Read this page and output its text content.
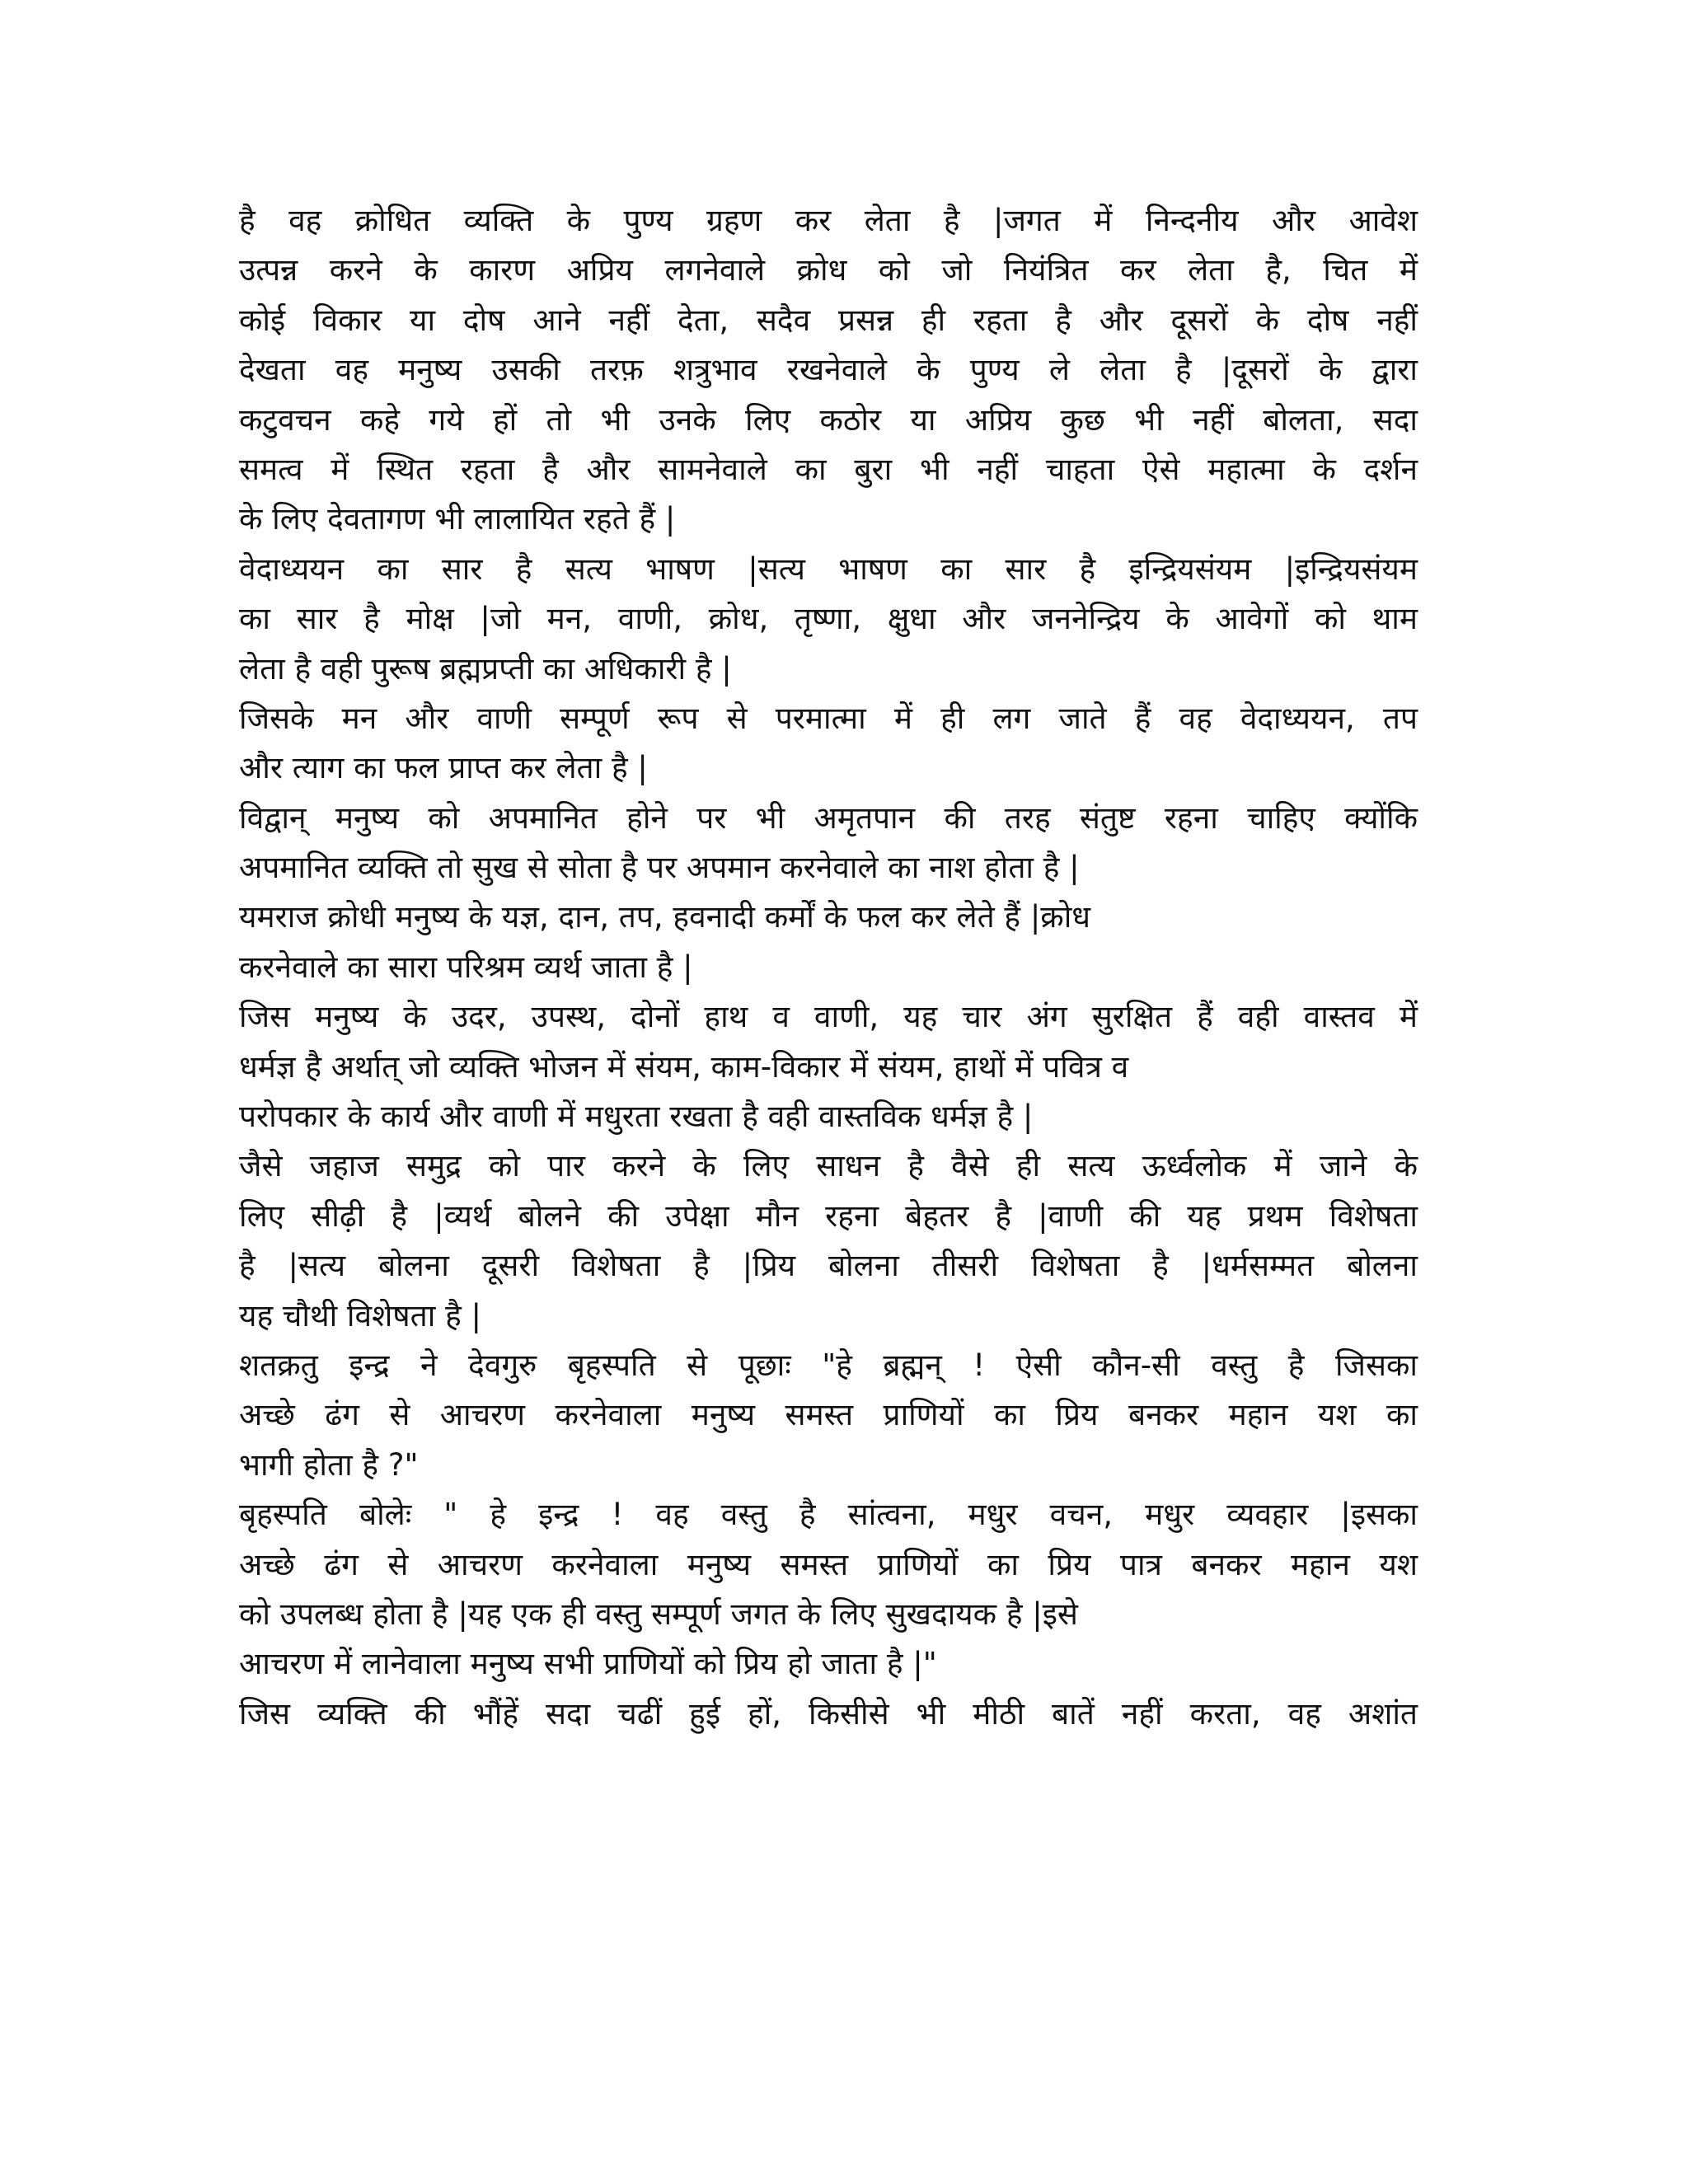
है वह क्रोधित व्यक्ति के पुण्य ग्रहण कर लेता है |जगत में निन्दनीय और आवेश
उत्पन्न करने के कारण अप्रिय लगनेवाले क्रोध को जो नियंत्रित कर लेता है, चित में
कोई विकार या दोष आने नहीं देता, सदैव प्रसन्न ही रहता है और दूसरों के दोष नहीं
देखता वह मनुष्य उसकी तरफ़ शत्रुभाव रखनेवाले के पुण्य ले लेता है |दूसरों के द्वारा
कटुवचन कहे गये हों तो भी उनके लिए कठोर या अप्रिय कुछ भी नहीं बोलता, सदा
समत्व में स्थित रहता है और सामनेवाले का बुरा भी नहीं चाहता ऐसे महात्मा के दर्शन
के लिए देवतागण भी लालायित रहते हैं |
वेदाध्ययन का सार है सत्य भाषण |सत्य भाषण का सार है इन्द्रियसंयम |इन्द्रियसंयम
का सार है मोक्ष |जो मन, वाणी, क्रोध, तृष्णा, क्षुधा और जननेन्द्रिय के आवेगों को थाम
लेता है वही पुरूष ब्रह्मप्रप्ती का अधिकारी है |
जिसके मन और वाणी सम्पूर्ण रूप से परमात्मा में ही लग जाते हैं वह वेदाध्ययन, तप
और त्याग का फल प्राप्त कर लेता है |
विद्वान् मनुष्य को अपमानित होने पर भी अमृतपान की तरह संतुष्ट रहना चाहिए क्योंकि
अपमानित व्यक्ति तो सुख से सोता है पर अपमान करनेवाले का नाश होता है |
यमराज क्रोधी मनुष्य के यज्ञ, दान, तप, हवनादी कर्मों के फल कर लेते हैं |क्रोध
करनेवाले का सारा परिश्रम व्यर्थ जाता है |
जिस मनुष्य के उदर, उपस्थ, दोनों हाथ व वाणी, यह चार अंग सुरक्षित हैं वही वास्तव में
धर्मज्ञ है अर्थात् जो व्यक्ति भोजन में संयम, काम-विकार में संयम, हाथों में पवित्र व
परोपकार के कार्य और वाणी में मधुरता रखता है वही वास्तविक धर्मज्ञ है |
जैसे जहाज समुद्र को पार करने के लिए साधन है वैसे ही सत्य ऊर्ध्वलोक में जाने के
लिए सीढ़ी है |व्यर्थ बोलने की उपेक्षा मौन रहना बेहतर है |वाणी की यह प्रथम विशेषता
है |सत्य बोलना दूसरी विशेषता है |प्रिय बोलना तीसरी विशेषता है |धर्मसम्मत बोलना
यह चौथी विशेषता है |
शतक्रतु इन्द्र ने देवगुरु बृहस्पति से पूछाः "हे ब्रह्मन् ! ऐसी कौन-सी वस्तु है जिसका
अच्छे ढंग से आचरण करनेवाला मनुष्य समस्त प्राणियों का प्रिय बनकर महान यश का
भागी होता है ?"
बृहस्पति बोलेः " हे इन्द्र ! वह वस्तु है सांत्वना, मधुर वचन, मधुर व्यवहार |इसका
अच्छे ढंग से आचरण करनेवाला मनुष्य समस्त प्राणियों का प्रिय पात्र बनकर महान यश
को उपलब्ध होता है |यह एक ही वस्तु सम्पूर्ण जगत के लिए सुखदायक है |इसे
आचरण में लानेवाला मनुष्य सभी प्राणियों को प्रिय हो जाता है |"
जिस व्यक्ति की भौंहें सदा चढीं हुई हों, किसीसे भी मीठी बातें नहीं करता, वह अशांत
